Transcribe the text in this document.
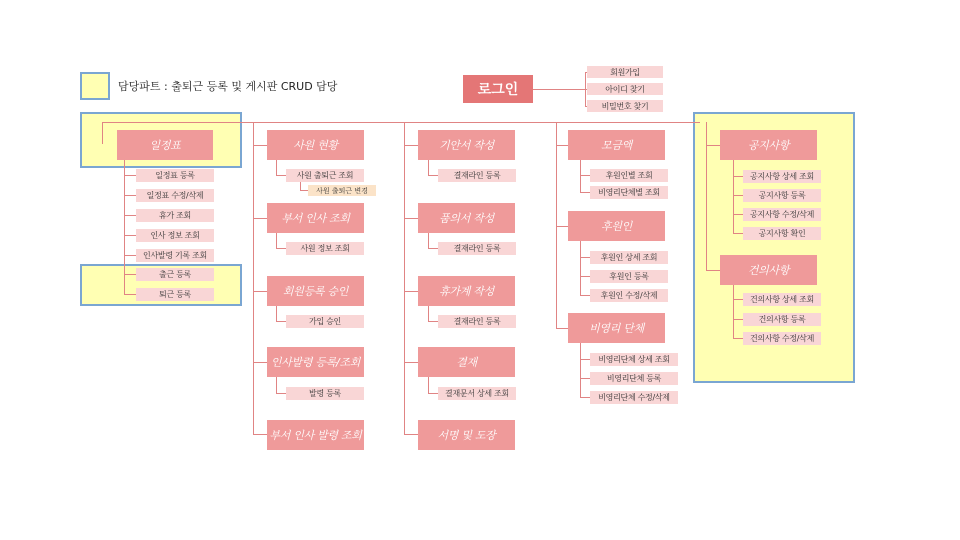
담당파트 : 출퇴근 등록 및 게시판 CRUD 담당	로그인
회원가입
아이디 찾기
비밀번호 찾기
일정표
일정표 등록
일정표 수정/삭제
휴가 조회
인사 정보 조회
인사발령 기록 조회
출근 등록
퇴근 등록
사원 현황
사원 출퇴근 조회
사원 출퇴근 변경
부서 인사 조회
사원 정보 조회
회원등록 승인
가입 승인
인사발령 등록/조회
발령 등록
부서 인사 발령 조회
기안서 작성
결재라인 등록
품의서 작성
결재라인 등록
휴가계 작성
결재라인 등록
결재
결재문서 상세 조회
서명 및 도장
모금액
후원인별 조회
비영리단체별 조회
후원인
후원인 상세 조회
후원인 등록
후원인 수정/삭제
비영리 단체
비영리단체 상세 조회
비영리단체 등록
비영리단체 수정/삭제
공지사항
공지사항 상세 조회
공지사항 등록
공지사항 수정/삭제
공지사항 확인
건의사항
건의사항 상세 조회
건의사항 등록
건의사항 수정/삭제
